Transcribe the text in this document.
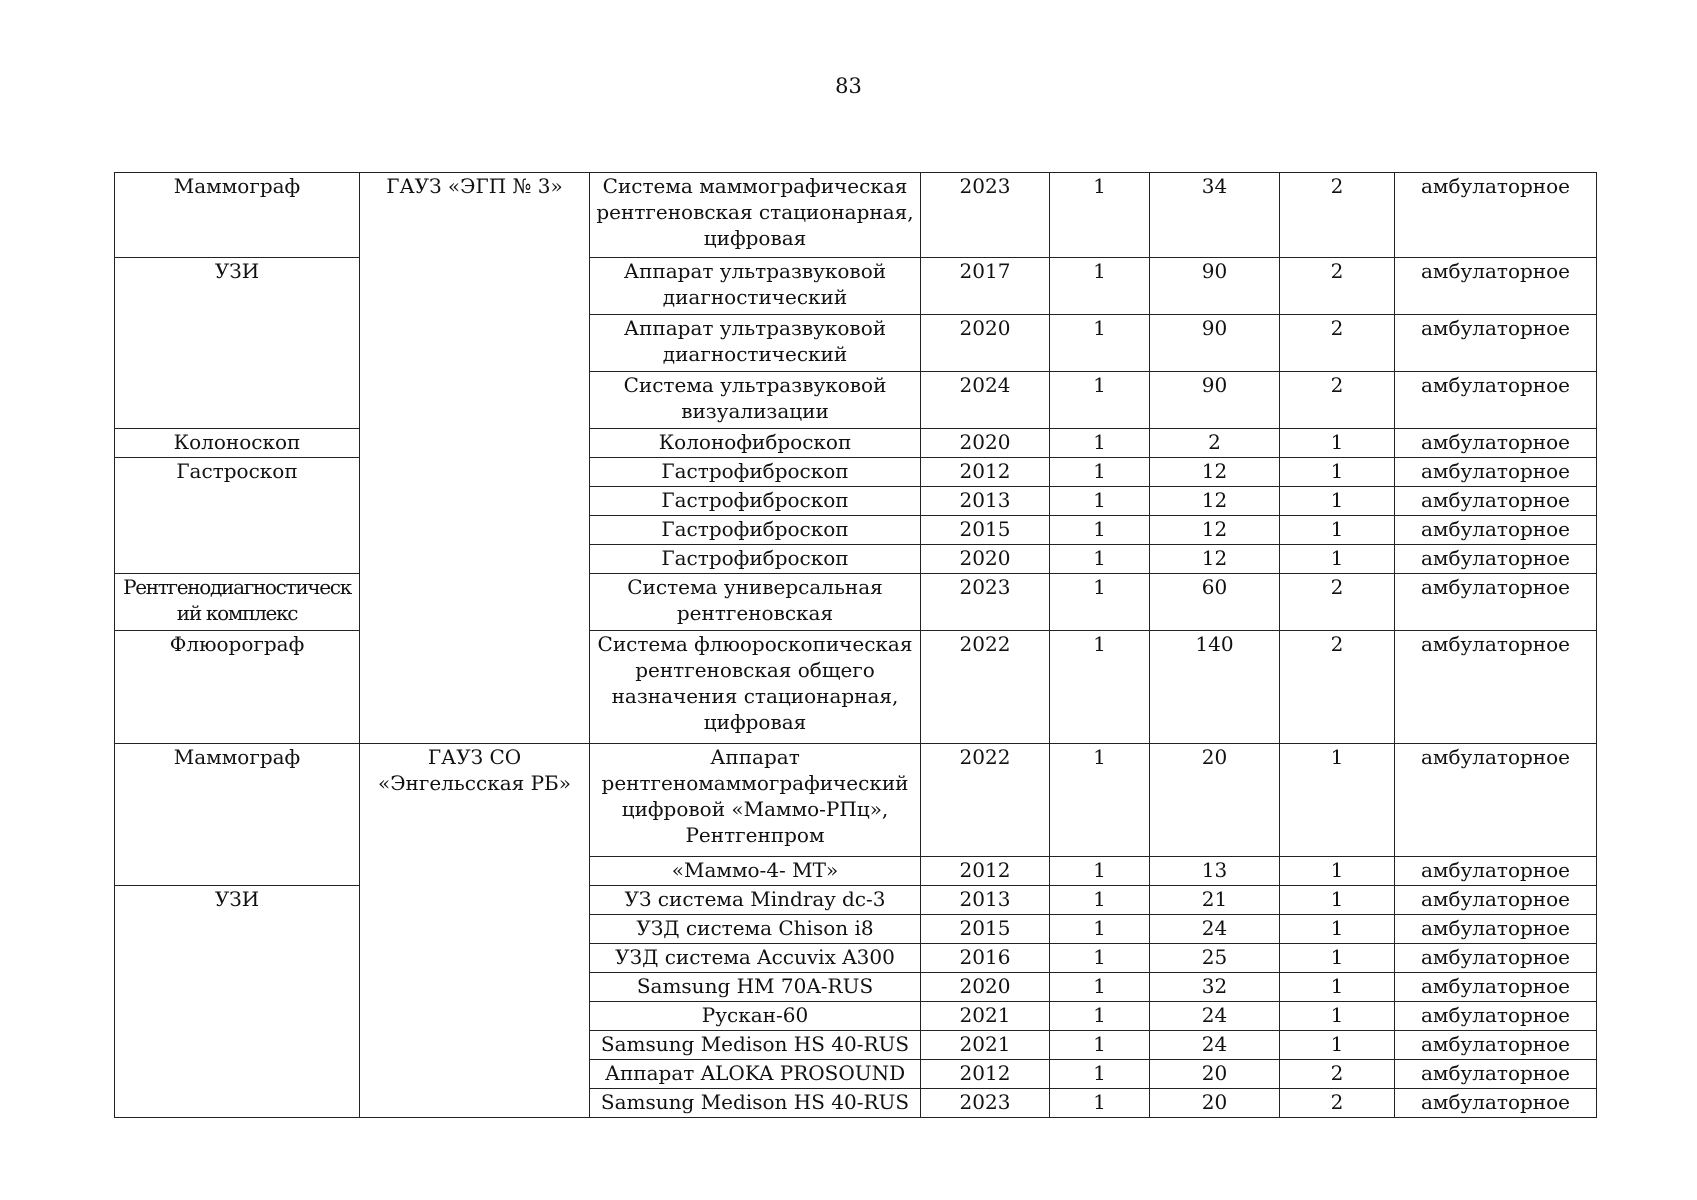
83
Маммограф	ГАУЗ «ЭГП № 3»	Система маммографическая рентгеновская стационарная, цифровая	2023	1	34	2	амбулаторное
УЗИ		Аппарат ультразвуковой диагностический	2017	1	90	2	амбулаторное
		Аппарат ультразвуковой диагностический	2020	1	90	2	амбулаторное
		Система ультразвуковой визуализации	2024	1	90	2	амбулаторное
Колоноскоп		Колонофиброскоп	2020	1	2	1	амбулаторное
Гастроскоп		Гастрофиброскоп	2012	1	12	1	амбулаторное
		Гастрофиброскоп	2013	1	12	1	амбулаторное
		Гастрофиброскоп	2015	1	12	1	амбулаторное
		Гастрофиброскоп	2020	1	12	1	амбулаторное
Рентгенодиагностический комплекс		Система универсальная рентгеновская	2023	1	60	2	амбулаторное
Флюорограф		Система флюороскопическая рентгеновская общего назначения стационарная, цифровая	2022	1	140	2	амбулаторное
Маммограф	ГАУЗ СО «Энгельсская РБ»	Аппарат рентгеномаммографический цифровой «Маммо-РПц», Рентгенпром	2022	1	20	1	амбулаторное
		«Маммо-4- МТ»	2012	1	13	1	амбулаторное
УЗИ		УЗ система Mindray dc-3	2013	1	21	1	амбулаторное
		УЗД система Chison i8	2015	1	24	1	амбулаторное
		УЗД система Accuvix A300	2016	1	25	1	амбулаторное
		Samsung HM 70A-RUS	2020	1	32	1	амбулаторное
		Рускан-60	2021	1	24	1	амбулаторное
		Samsung Medison HS 40-RUS	2021	1	24	1	амбулаторное
		Аппарат ALOKA PROSOUND	2012	1	20	2	амбулаторное
		Samsung Medison HS 40-RUS	2023	1	20	2	амбулаторное
